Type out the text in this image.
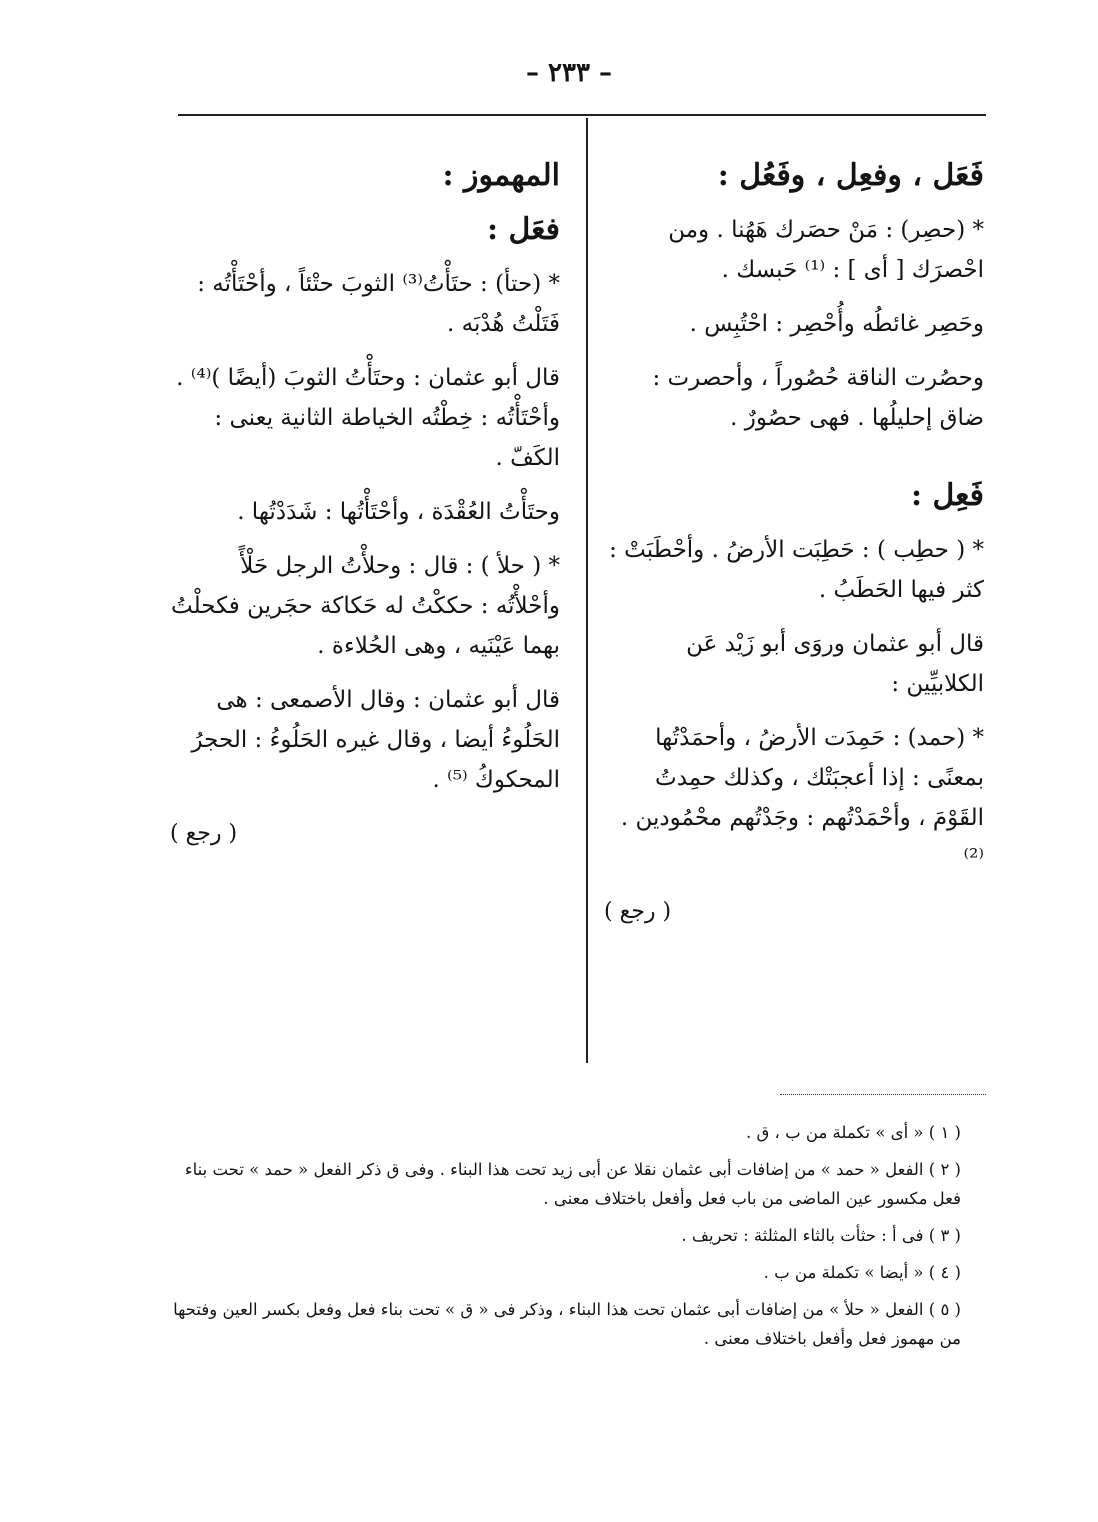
– ٢٣٣ –
فَعَل ، وفعِل ، وفَعُل :

* (حصِر) : مَنْ حصَرك هَهُنا . ومن احْصرَك [ أى ] : ⁽¹⁾ حَبسك .

وحَصِر غائطُه وأُحْصِر : احْتُبِس .

وحصُرت الناقة حُصُوراً ، وأحصرت : ضاق إحليلُها . فهى حصُورٌ .

فَعِل :

* ( حطِب ) : حَطِبَت الأرضُ . وأحْطَبَتْ : كثر فيها الحَطَبُ .

قال أبو عثمان وروَى أبو زَيْد عَن الكلابيِّين :

* (حمد) : حَمِدَت الأرضُ ، وأحمَدْتُها بمعنًى : إذا أعجبَتْك ، وكذلك حمِدتُ القَوْمَ ، وأحْمَدْتُهم : وجَدْتُهم محْمُودين . ⁽²⁾

( رجع )
المهموز :
فعَل :

* (حتأ) : حتَأْتُ⁽³⁾ الثوبَ حتْئاً ، وأحْتَأْتُه : فَتَلْتُ هُدْبَه .

قال أبو عثمان : وحتَأْتُ الثوبَ (أيضًا )⁽⁴⁾ . وأحْتَأْتُه : خِطْتُه الخياطة الثانية يعنى : الكَفّ .

وحتَأْتُ العُقْدَة ، وأحْتَأْتُها : شَدَدْتُها .

* ( حلأ ) : قال : وحلأْتُ الرجل حَلْأً وأحْلأْتُه : حككْتُ له حَكاكة حجَرين فكحلْتُ بهما عَيْنَيه ، وهى الحُلاءة .

قال أبو عثمان : وقال الأصمعى : هى الحَلُوءُ أيضا ، وقال غيره الحَلُوءُ : الحجرُ المحكوكُ ⁽⁵⁾ .

( رجع )

( ١ ) « أى » تكملة من ب ، ق .

( ٢ ) الفعل « حمد » من إضافات أبى عثمان نقلا عن أبى زيد تحت هذا البناء . وفى ق ذكر الفعل « حمد » تحت بناء فعل مكسور عين الماضى من باب فعل وأفعل باختلاف معنى .

( ٣ ) فى أ : حثأت بالثاء المثلثة : تحريف .

( ٤ ) « أيضا » تكملة من ب .

( ٥ ) الفعل « حلأ » من إضافات أبى عثمان تحت هذا البناء ، وذكر فى « ق » تحت بناء فعل وفعل بكسر العين وفتحها من مهموز فعل وأفعل باختلاف معنى .
